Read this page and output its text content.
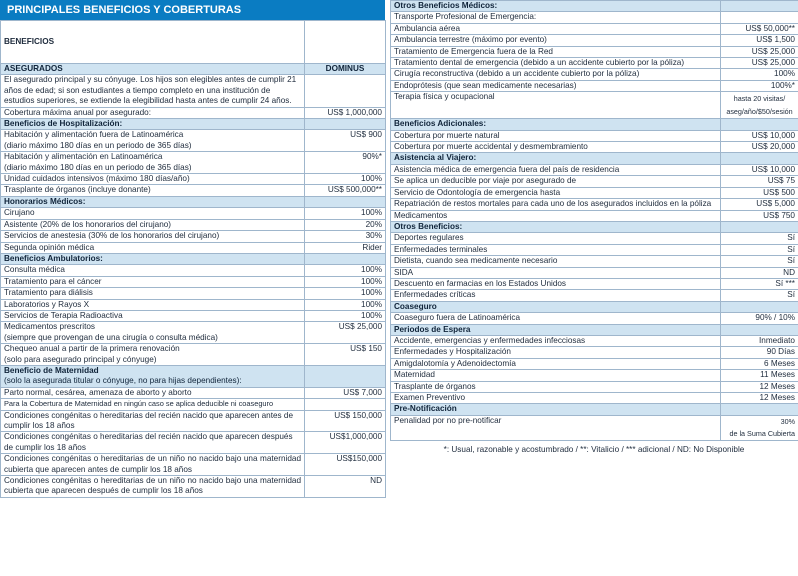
PRINCIPALES BENEFICIOS Y COBERTURAS
BENEFICIOS	
ASEGURADOS	DOMINUS
El asegurado principal y su cónyuge. Los hijos son elegibles antes de cumplir 21 años de edad; si son estudiantes a tiempo completo en una institución de estudios superiores, se extiende la elegibilidad hasta antes de cumplir 24 años.	
Cobertura máxima anual por asegurado:	US$ 1,000,000
Beneficios de Hospitalización:	

Habitación y alimentación fuera de Latinoamérica
(diario máximo 180 días en un periodo de 365 días)	US$ 900

Habitación y alimentación en Latinoamérica
(diario máximo 180 días en un periodo de 365 días)	90%*
Unidad cuidados intensivos (máximo 180 días/año)	100%
Trasplante de órganos (incluye donante)	US$ 500,000**
Honorarios Médicos:	
Cirujano	100%
Asistente (20% de los honorarios del cirujano)	20%
Servicios de anestesia (30% de los honorarios del cirujano)	30%
Segunda opinión médica	Rider
Beneficios Ambulatorios:	
Consulta médica	100%
Tratamiento para el cáncer	100%
Tratamiento para diálisis	100%
Laboratorios y Rayos X	100%
Servicios de Terapia Radioactiva	100%

Medicamentos prescritos
(siempre que provengan de una cirugía o consulta médica)	US$ 25,000

Chequeo anual a partir de la primera renovación
(solo para asegurado principal y cónyuge)	US$ 150

Beneficio de Maternidad
(solo la asegurada titular o cónyuge, no para hijas dependientes):	

Parto normal, cesárea, amenaza de aborto y aborto	US$ 7,000
Para la Cobertura de Maternidad en ningún caso se aplica deducible ni coaseguro	
Condiciones congénitas o hereditarias del recién nacido que aparecen antes de cumplir los 18 años	US$ 150,000
Condiciones congénitas o hereditarias del recién nacido que aparecen después de cumplir los 18 años	US$1,000,000
Condiciones congénitas o hereditarias de un niño no nacido bajo una maternidad cubierta que aparecen antes de cumplir los 18 años	US$150,000
Condiciones congénitas o hereditarias de un niño no nacido bajo una maternidad cubierta que aparecen después de cumplir los 18 años	ND
Otros Beneficios Médicos:	
Transporte Profesional de Emergencia:	
Ambulancia aérea	US$ 50,000**
Ambulancia terrestre (máximo por evento)	US$ 1,500
Tratamiento de Emergencia fuera de la Red	US$ 25,000
Tratamiento dental de emergencia (debido a un accidente cubierto por la póliza)	US$ 25,000
Cirugía reconstructiva (debido a un accidente cubierto por la póliza)	100%
Endoprótesis (que sean medicamente necesarias)	100%*
Terapia física y ocupacional	hasta 20 visitas/
aseg/año/$50/sesión

Beneficios Adicionales:	
Cobertura por muerte natural	US$ 10,000
Cobertura por muerte accidental y desmembramiento	US$ 20,000
Asistencia al Viajero:	
Asistencia médica de emergencia fuera del país de residencia	US$ 10,000
Se aplica un deducible por viaje por asegurado de	US$ 75
Servicio de Odontología de emergencia hasta	US$ 500
Repatriación de restos mortales para cada uno de los asegurados incluidos en la póliza	US$ 5,000
Medicamentos	US$ 750
Otros Beneficios:	
Deportes regulares	Sí
Enfermedades terminales	Sí
Dietista, cuando sea medicamente necesario	Sí
SIDA	ND
Descuento en farmacias en los Estados Unidos	Sí ***
Enfermedades críticas	Sí
Coaseguro	
Coaseguro fuera de Latinoamérica	90% / 10%
Periodos de Espera	
Accidente, emergencias y enfermedades infecciosas	Inmediato
Enfermedades y Hospitalización	90 Días
Amigdalotomía y Adenoidectomía	6 Meses
Maternidad	11 Meses
Trasplante de órganos	12 Meses
Examen Preventivo	12 Meses
Pre-Notificación	
Penalidad por no pre-notificar	30%
de la Suma Cubierta
*: Usual, razonable y acostumbrado / **: Vitalicio / *** adicional / ND: No Disponible
